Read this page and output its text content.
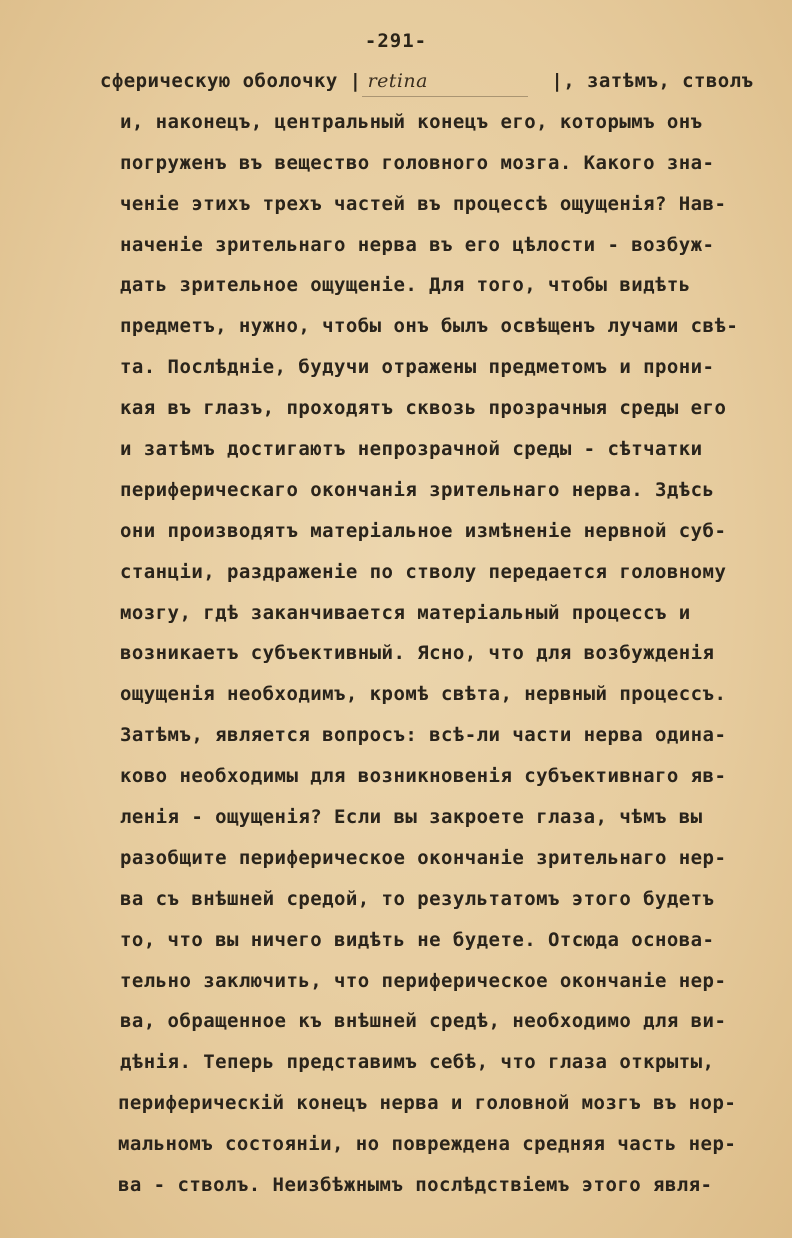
-291-
сферическую оболочку | retina	|, затѣмъ, стволъ
и, наконецъ, центральный конецъ его, которымъ онъ
погруженъ въ вещество головного мозга. Какого зна-
ченіе этихъ трехъ частей въ процессѣ ощущенія? Нав-
наченіе зрительнаго нерва въ его цѣлости - возбуж-
дать зрительное ощущеніе. Для того, чтобы видѣть
предметъ, нужно, чтобы онъ былъ освѣщенъ лучами свѣ-
та. Послѣдніе, будучи отражены предметомъ и прони-
кая въ глазъ, проходятъ сквозь прозрачныя среды его
и затѣмъ достигаютъ непрозрачной среды - сѣтчатки
периферическаго окончанія зрительнаго нерва. Здѣсь
они производятъ матеріальное измѣненіе нервной суб-
станціи, раздраженіе по стволу передается головному
мозгу, гдѣ заканчивается матеріальный процессъ и
возникаетъ субъективный. Ясно, что для возбужденія
ощущенія необходимъ, кромѣ свѣта, нервный процессъ.
Затѣмъ, является вопросъ: всѣ-ли части нерва одина-
ково необходимы для возникновенія субъективнаго яв-
ленія - ощущенія? Если вы закроете глаза, чѣмъ вы
разобщите периферическое окончаніе зрительнаго нер-
ва съ внѣшней средой, то результатомъ этого будетъ
то, что вы ничего видѣть не будете. Отсюда основа-
тельно заключить, что периферическое окончаніе нер-
ва, обращенное къ внѣшней средѣ, необходимо для ви-
дѣнія. Теперь представимъ себѣ, что глаза открыты,
периферическій конецъ нерва и головной мозгъ въ нор-
мальномъ состояніи, но повреждена средняя часть нер-
ва - стволъ. Неизбѣжнымъ послѣдствіемъ этого явля-
